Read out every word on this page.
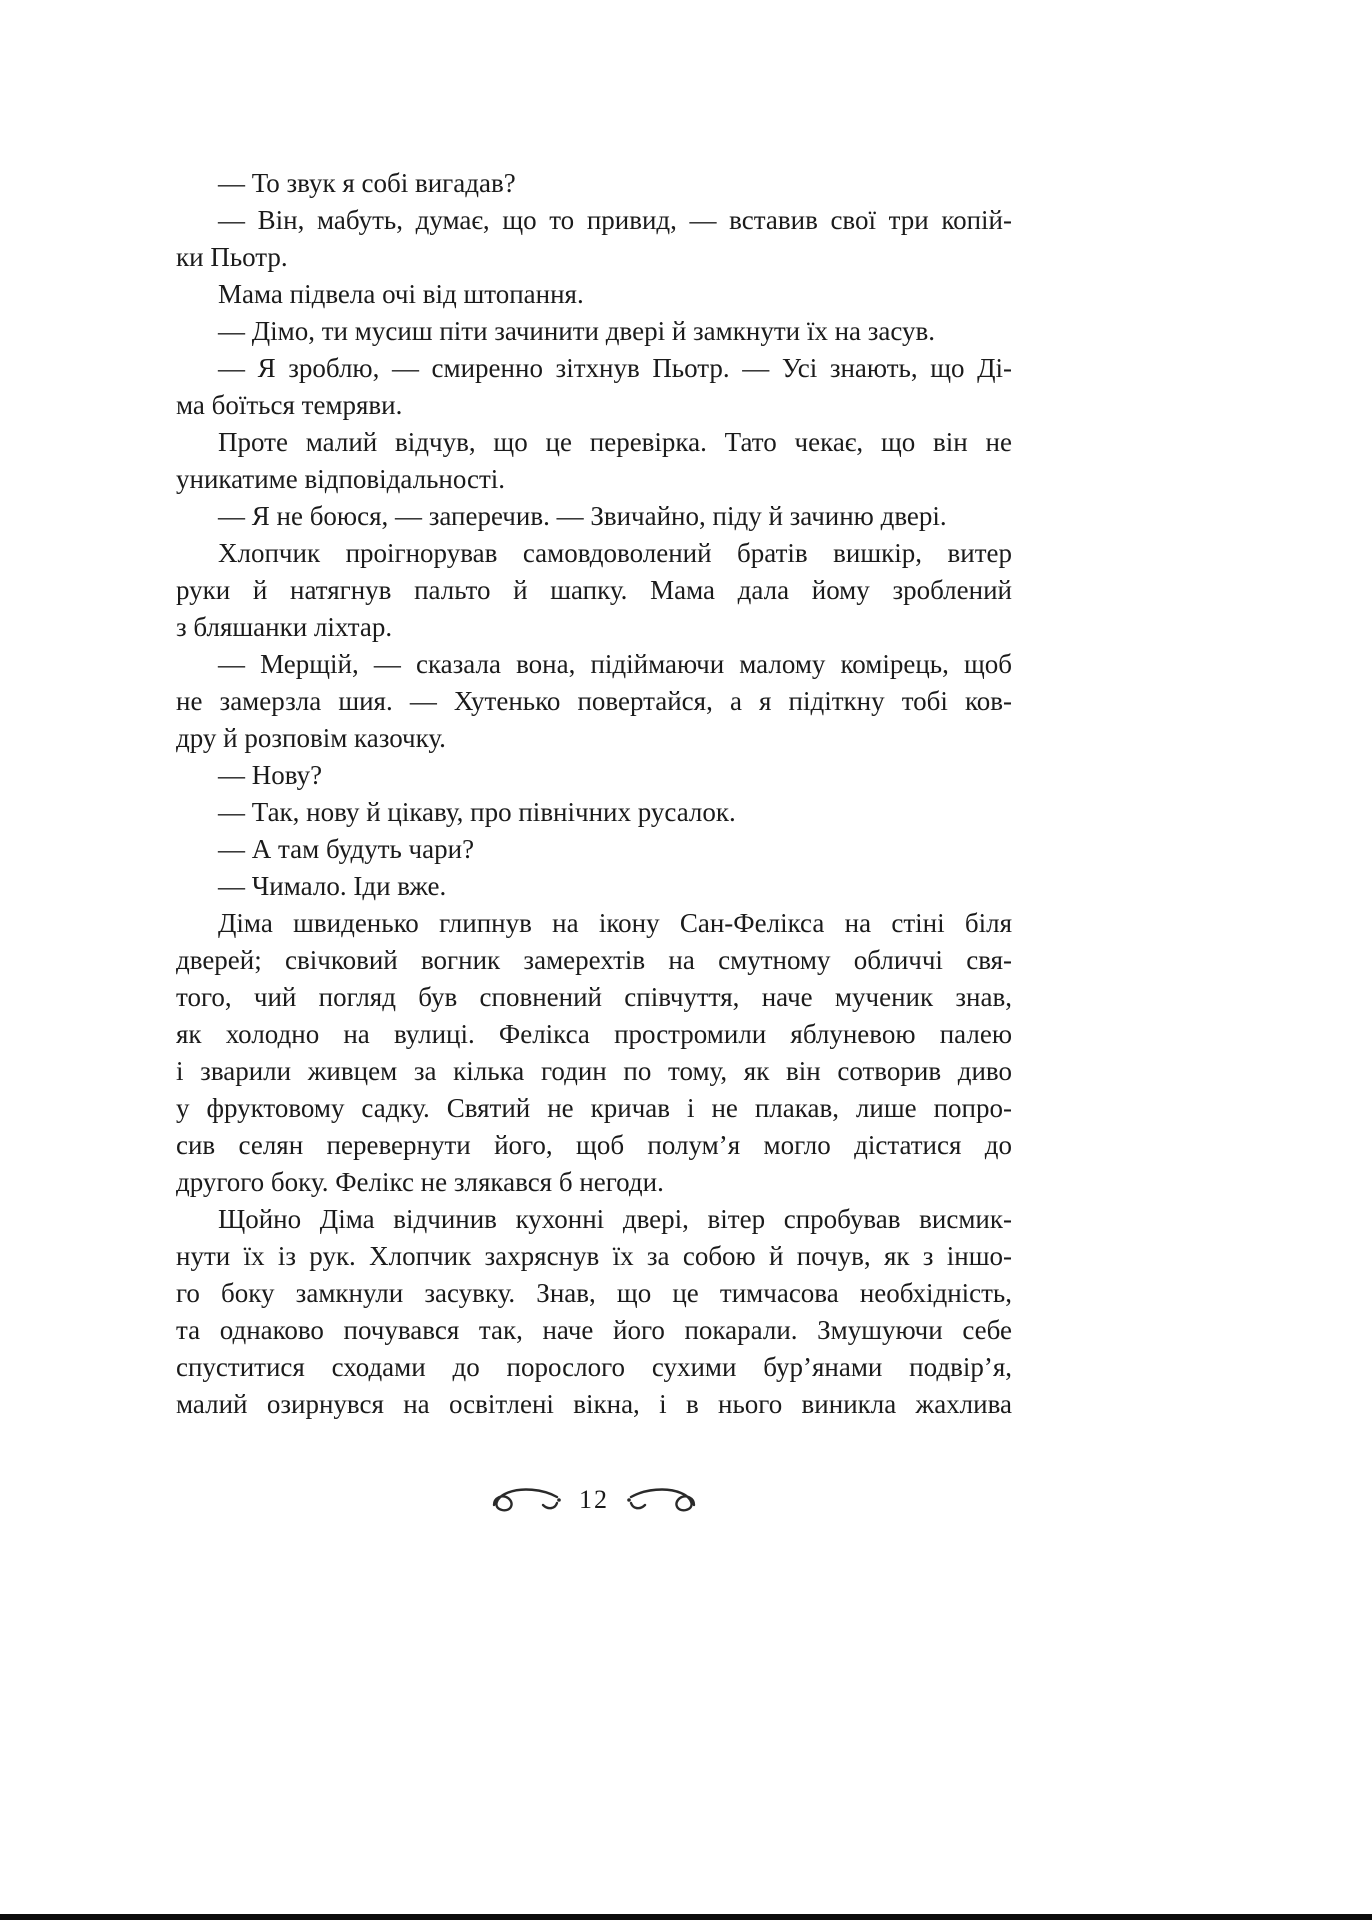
— То звук я собі вигадав?
— Він, мабуть, думає, що то привид, — вставив свої три копій-
ки Пьотр.
Мама підвела очі від штопання.
— Дімо, ти мусиш піти зачинити двері й замкнути їх на засув.
— Я зроблю, — смиренно зітхнув Пьотр. — Усі знають, що Ді-
ма боїться темряви.
Проте малий відчув, що це перевірка. Тато чекає, що він не
уникатиме відповідальності.
— Я не боюся, — заперечив. — Звичайно, піду й зачиню двері.
Хлопчик проігнорував самовдоволений братів вишкір, витер
руки й натягнув пальто й шапку. Мама дала йому зроблений
з бляшанки ліхтар.
— Мерщій, — сказала вона, підіймаючи малому комірець, щоб
не замерзла шия. — Хутенько повертайся, а я підіткну тобі ков-
дру й розповім казочку.
— Нову?
— Так, нову й цікаву, про північних русалок.
— А там будуть чари?
— Чимало. Іди вже.
Діма швиденько глипнув на ікону Сан-Фелікса на стіні біля
дверей; свічковий вогник замерехтів на смутному обличчі свя-
того, чий погляд був сповнений співчуття, наче мученик знав,
як холодно на вулиці. Фелікса простромили яблуневою палею
і зварили живцем за кілька годин по тому, як він сотворив диво
у фруктовому садку. Святий не кричав і не плакав, лише попро-
сив селян перевернути його, щоб полум’я могло дістатися до
другого боку. Фелікс не злякався б негоди.
Щойно Діма відчинив кухонні двері, вітер спробував висмик-
нути їх із рук. Хлопчик захряснув їх за собою й почув, як з іншо-
го боку замкнули засувку. Знав, що це тимчасова необхідність,
та однаково почувався так, наче його покарали. Змушуючи себе
спуститися сходами до порослого сухими бур’янами подвір’я,
малий озирнувся на освітлені вікна, і в нього виникла жахлива
12
